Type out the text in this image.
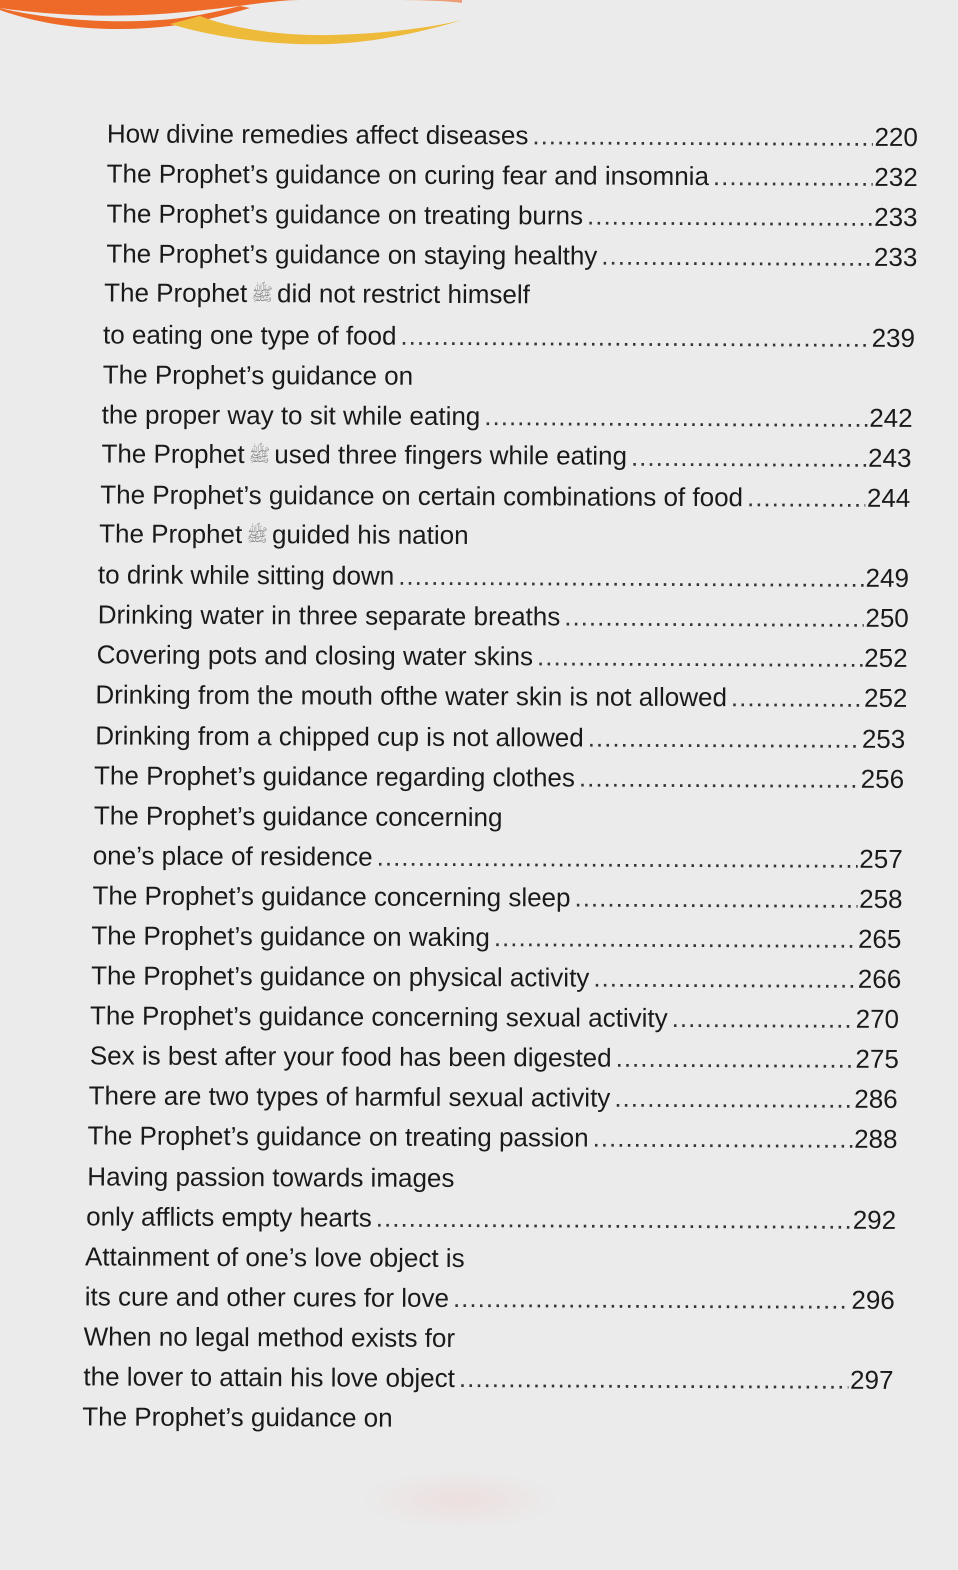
How divine remedies affect diseases .....	220
The Prophet’s guidance on curing fear and insomnia .....	232
The Prophet’s guidance on treating burns .....	233
The Prophet’s guidance on staying healthy .....	233
The Prophet ﷺ did not restrict himself
to eating one type of food .....	239
The Prophet’s guidance on
the proper way to sit while eating .....	242
The Prophet ﷺ used three fingers while eating .....	243
The Prophet’s guidance on certain combinations of food .....	244
The Prophet ﷺ guided his nation
to drink while sitting down .....	249
Drinking water in three separate breaths .....	250
Covering pots and closing water skins .....	252
Drinking from the mouth ofthe water skin is not allowed .....	252
Drinking from a chipped cup is not allowed .....	253
The Prophet’s guidance regarding clothes .....	256
The Prophet’s guidance concerning
one’s place of residence .....	257
The Prophet’s guidance concerning sleep .....	258
The Prophet’s guidance on waking .....	265
The Prophet’s guidance on physical activity .....	266
The Prophet’s guidance concerning sexual activity .....	270
Sex is best after your food has been digested .....	275
There are two types of harmful sexual activity .....	286
The Prophet’s guidance on treating passion .....	288
Having passion towards images
only afflicts empty hearts .....	292
Attainment of one’s love object is
its cure and other cures for love .....	296
When no legal method exists for
the lover to attain his love object .....	297
The Prophet’s guidance on
